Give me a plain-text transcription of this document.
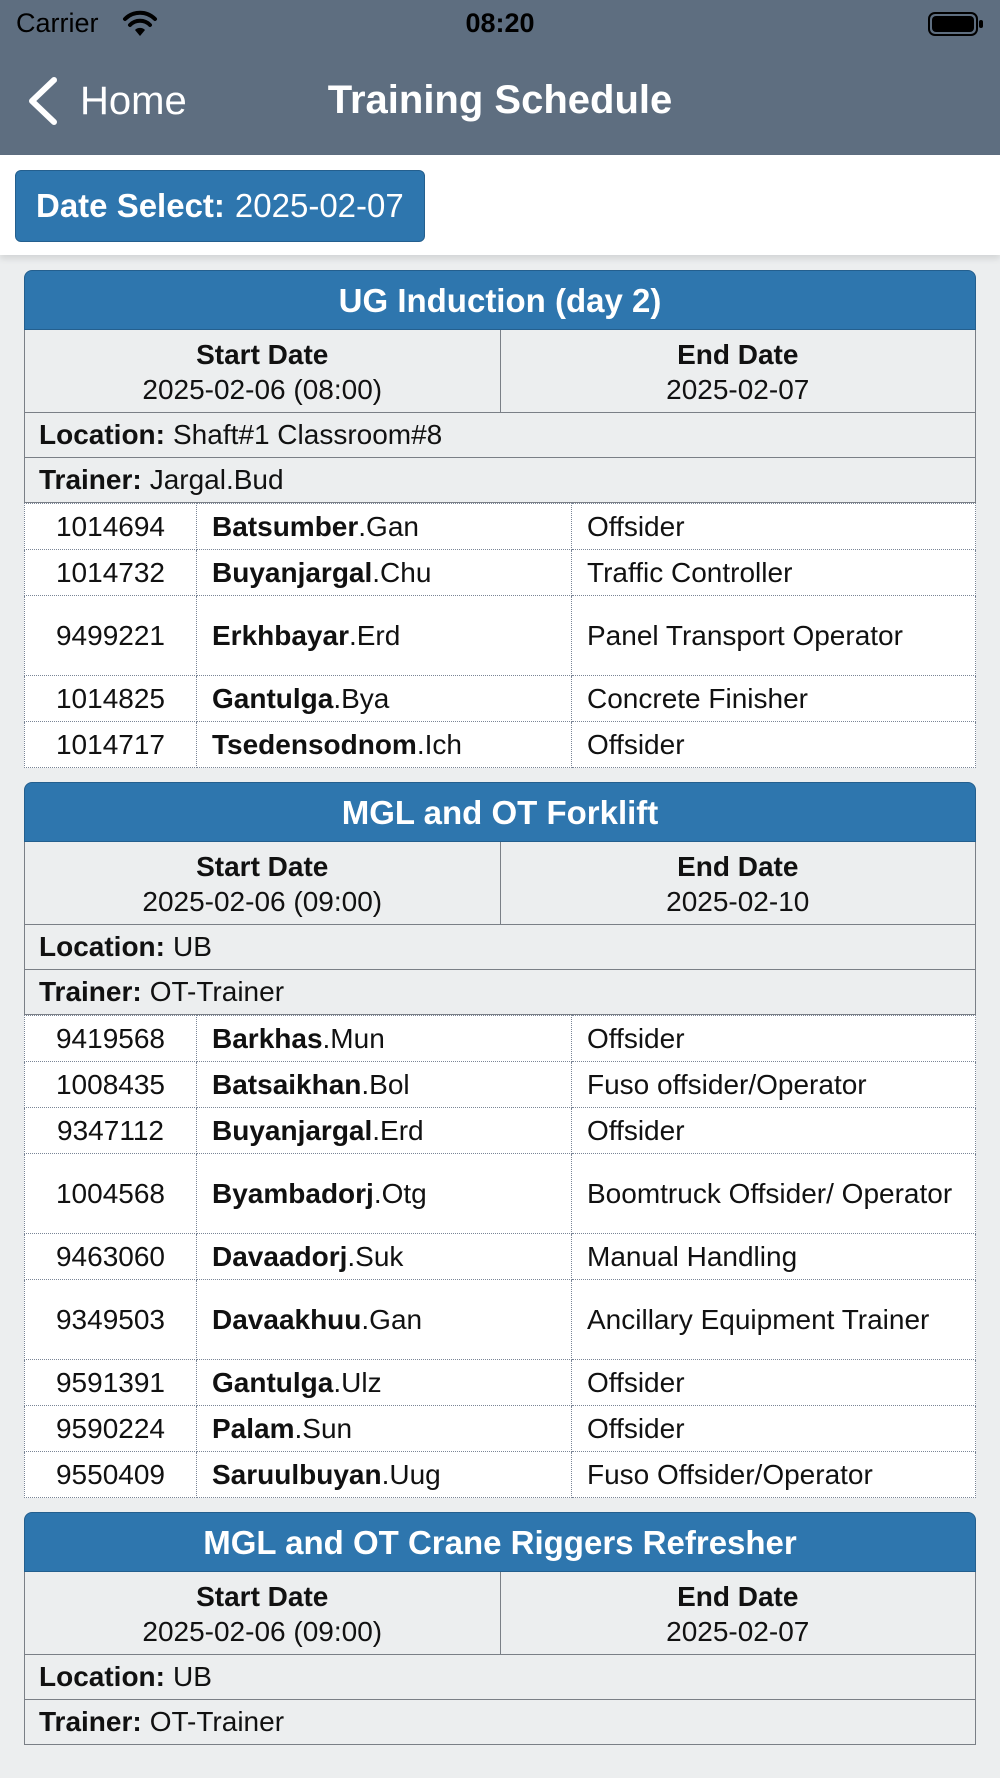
Carrier	08:20
Home	Training Schedule
Date Select: 2025-02-07
UG Induction (day 2)
Start Date
2025-02-06 (08:00)
End Date
2025-02-07
Location: Shaft#1 Classroom#8
Trainer: Jargal.Bud
1014694	Batsumber.Gan	Offsider
1014732	Buyanjargal.Chu	Traffic Controller
9499221	Erkhbayar.Erd	Panel Transport Operator
1014825	Gantulga.Bya	Concrete Finisher
1014717	Tsedensodnom.Ich	Offsider
MGL and OT Forklift
Start Date
2025-02-06 (09:00)
End Date
2025-02-10
Location: UB
Trainer: OT-Trainer
9419568	Barkhas.Mun	Offsider
1008435	Batsaikhan.Bol	Fuso offsider/Operator
9347112	Buyanjargal.Erd	Offsider
1004568	Byambadorj.Otg	Boomtruck Offsider/ Operator
9463060	Davaadorj.Suk	Manual Handling
9349503	Davaakhuu.Gan	Ancillary Equipment Trainer
9591391	Gantulga.Ulz	Offsider
9590224	Palam.Sun	Offsider
9550409	Saruulbuyan.Uug	Fuso Offsider/Operator
MGL and OT Crane Riggers Refresher
Start Date
2025-02-06 (09:00)
End Date
2025-02-07
Location: UB
Trainer: OT-Trainer
